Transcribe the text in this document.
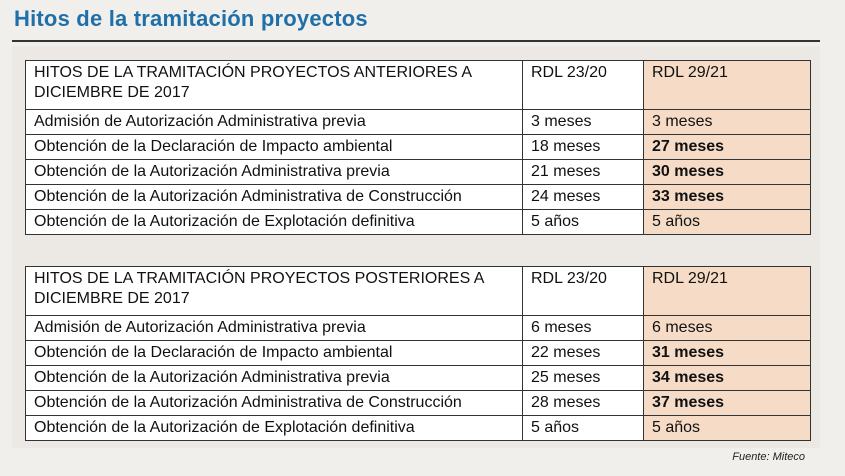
Hitos de la tramitación proyectos
HITOS DE LA TRAMITACIÓN PROYECTOS ANTERIORES A DICIEMBRE DE 2017	RDL 23/20	RDL 29/21
Admisión de Autorización Administrativa previa	3 meses	3 meses
Obtención de la Declaración de Impacto ambiental	18 meses	27 meses
Obtención de la Autorización Administrativa previa	21 meses	30 meses
Obtención de la Autorización Administrativa de Construcción	24 meses	33 meses
Obtención de la Autorización de Explotación definitiva	5 años	5 años
HITOS DE LA TRAMITACIÓN PROYECTOS POSTERIORES A DICIEMBRE DE 2017	RDL 23/20	RDL 29/21
Admisión de Autorización Administrativa previa	6 meses	6 meses
Obtención de la Declaración de Impacto ambiental	22 meses	31 meses
Obtención de la Autorización Administrativa previa	25 meses	34 meses
Obtención de la Autorización Administrativa de Construcción	28 meses	37 meses
Obtención de la Autorización de Explotación definitiva	5 años	5 años
Fuente: Miteco
